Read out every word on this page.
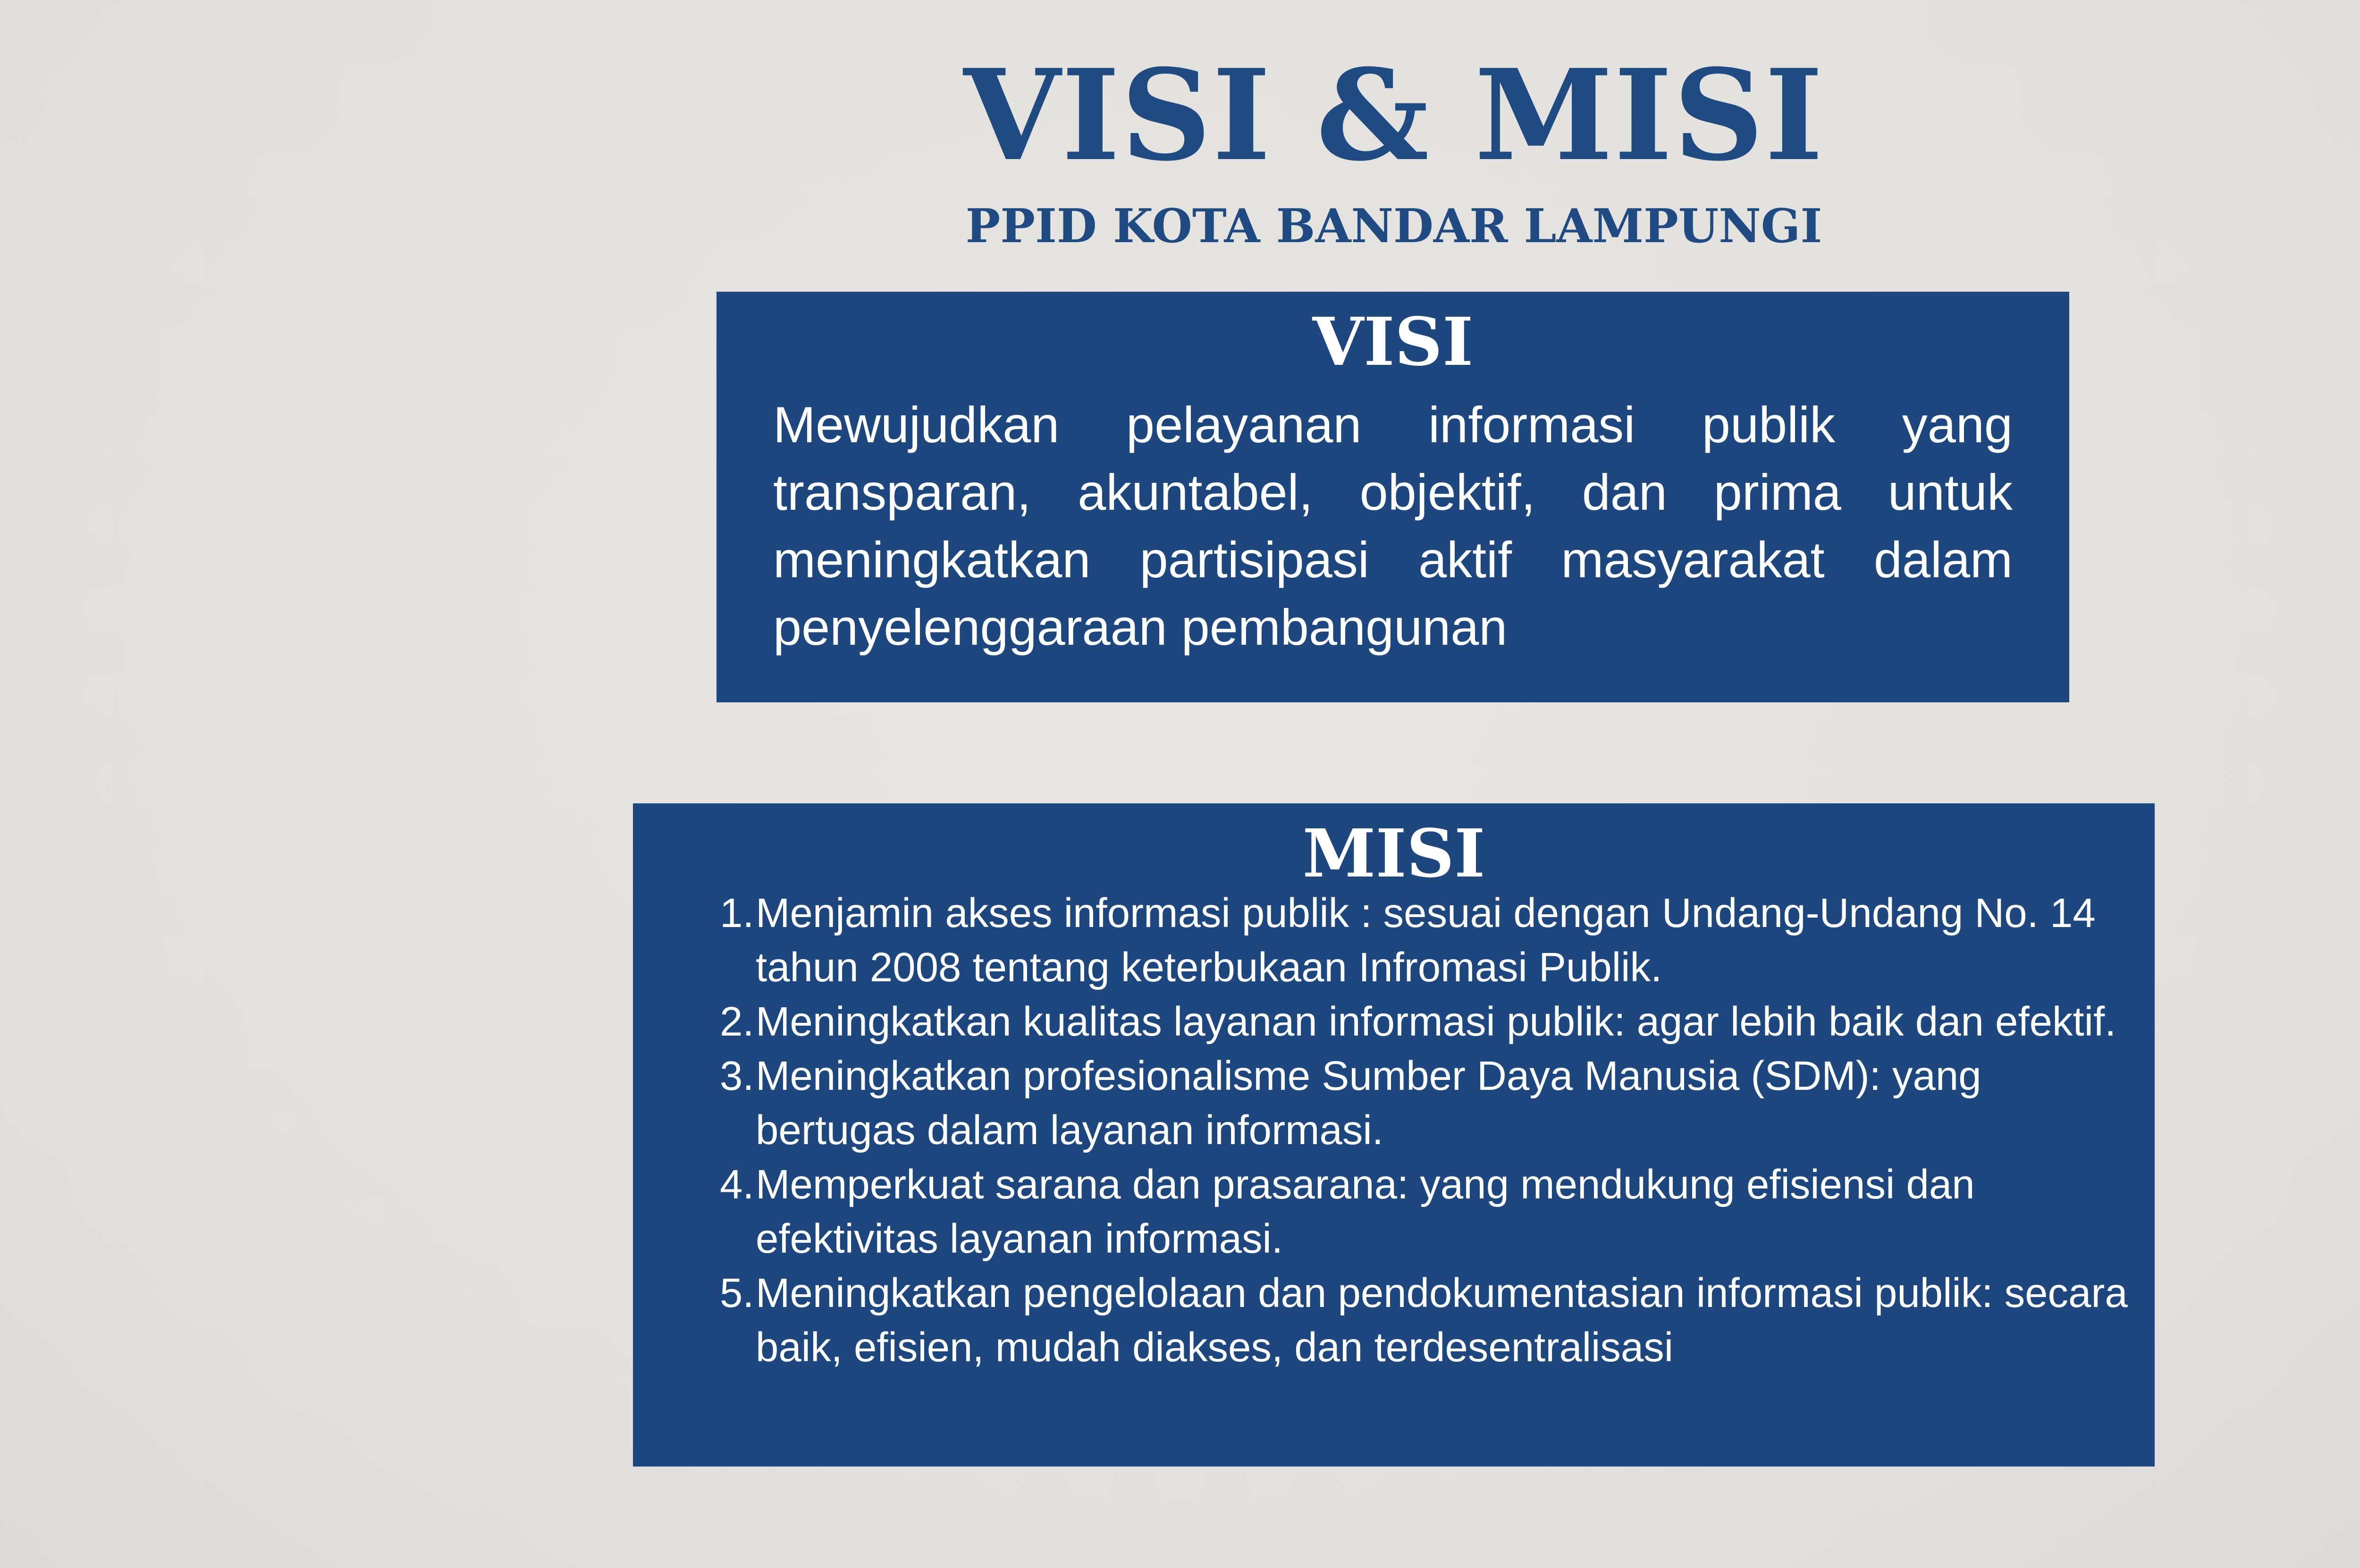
VISI & MISI
PPID KOTA BANDAR LAMPUNGI
VISI
Mewujudkan pelayanan informasi publik yang transparan, akuntabel, objektif, dan prima untuk meningkatkan partisipasi aktif masyarakat dalam penyelenggaraan pembangunan
MISI
1. Menjamin akses informasi publik : sesuai dengan Undang-Undang No. 14 tahun 2008 tentang keterbukaan Infromasi Publik.
2. Meningkatkan kualitas layanan informasi publik: agar lebih baik dan efektif.
3. Meningkatkan profesionalisme Sumber Daya Manusia (SDM): yang bertugas dalam layanan informasi.
4. Memperkuat sarana dan prasarana: yang mendukung efisiensi dan efektivitas layanan informasi.
5. Meningkatkan pengelolaan dan pendokumentasian informasi publik: secara baik, efisien, mudah diakses, dan terdesentralisasi
